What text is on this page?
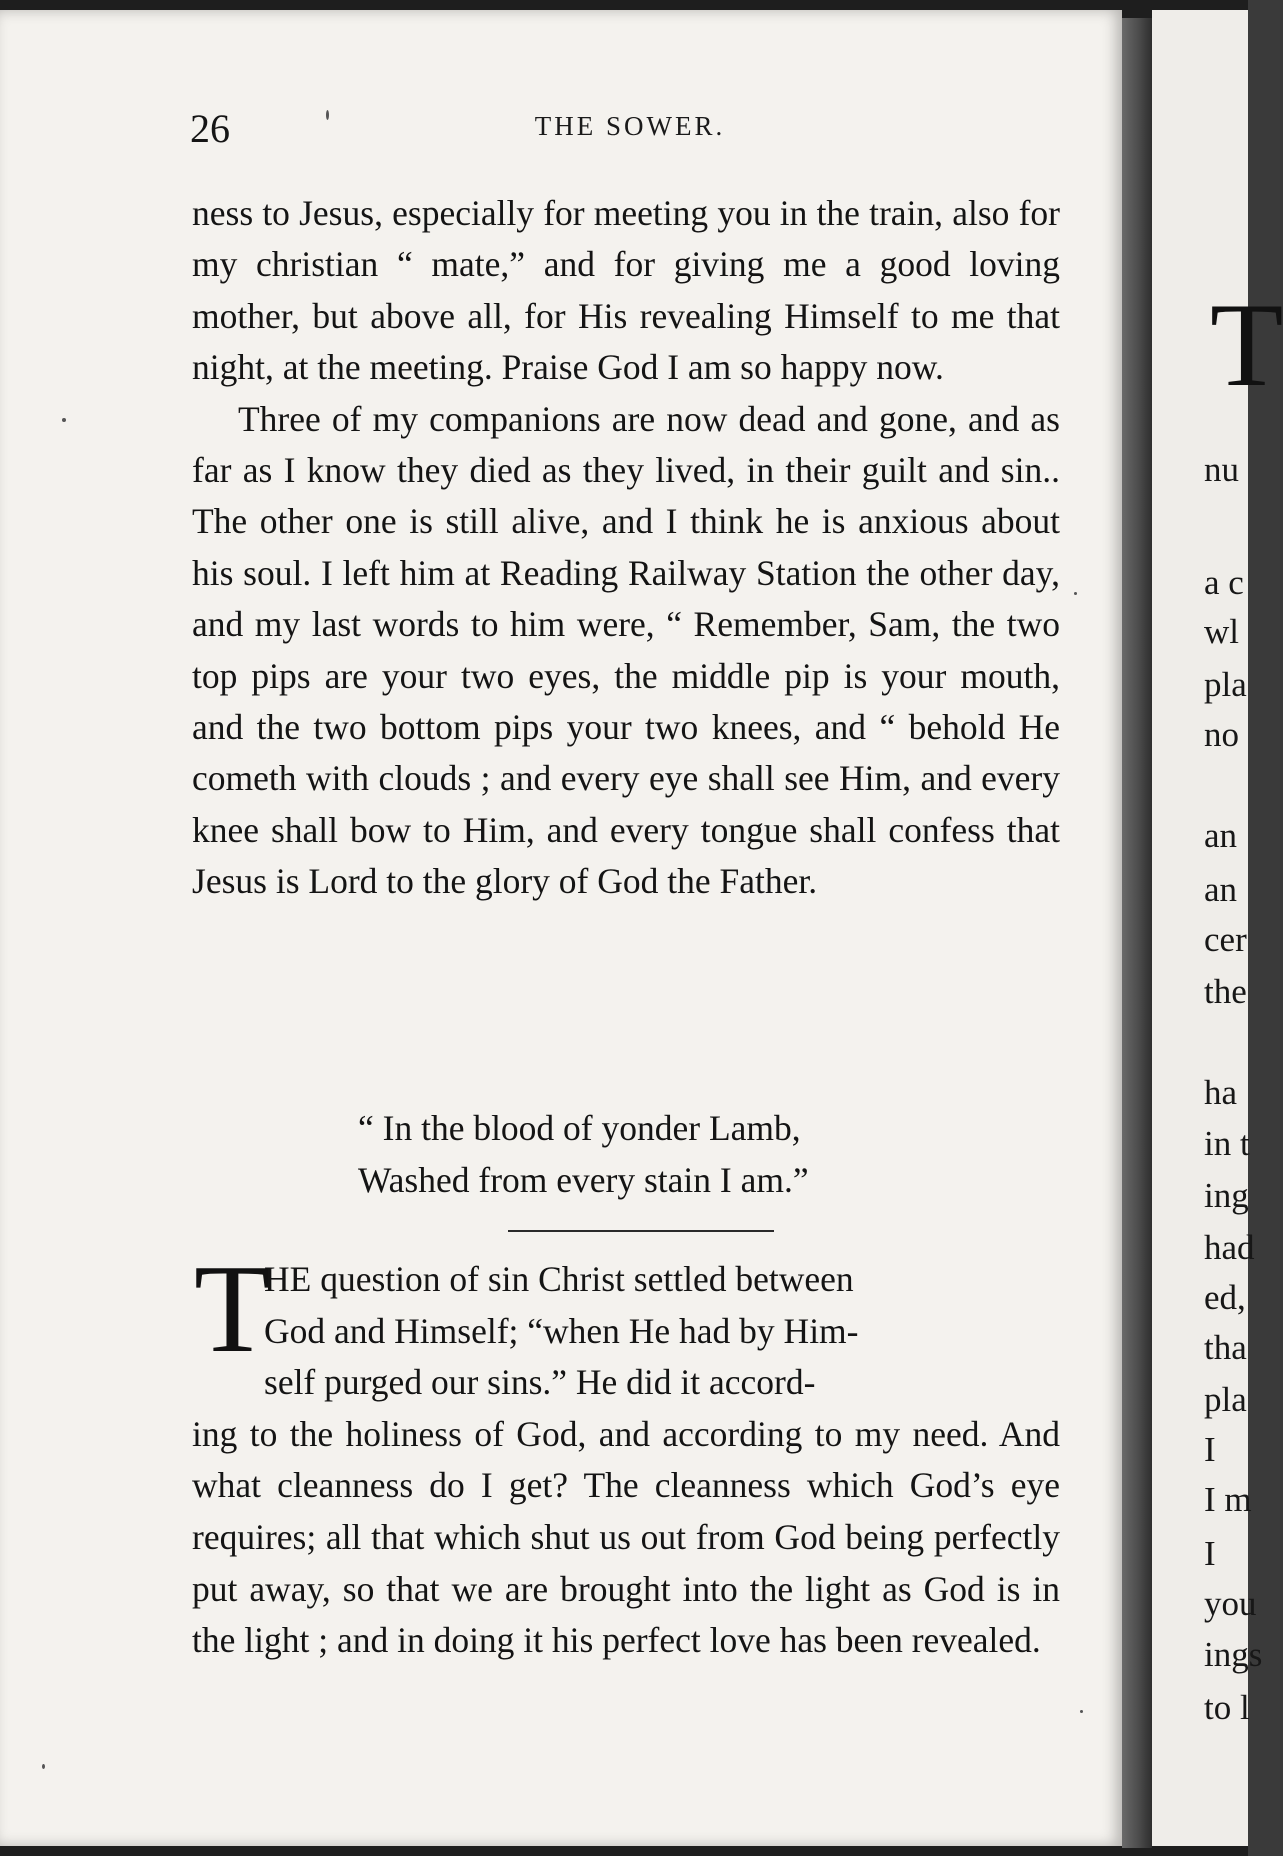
26	THE SOWER.

ness to Jesus, especially for meeting you in the train, also for my christian “ mate,” and for giving me a good loving mother, but above all, for His revealing Himself to me that night, at the meeting. Praise God I am so happy now.

Three of my companions are now dead and gone, and as far as I know they died as they lived, in their guilt and sin.. The other one is still alive, and I think he is anxious about his soul. I left him at Reading Railway Station the other day, and my last words to him were, “ Remember, Sam, the two top pips are your two eyes, the middle pip is your mouth, and the two bottom pips your two knees, and “ behold He cometh with clouds ; and every eye shall see Him, and every knee shall bow to Him, and every tongue shall confess that Jesus is Lord to the glory of God the Father.

“ In the blood of yonder Lamb,
Washed from every stain I am.”
T
HE question of sin Christ settled between
God and Himself; “when He had by Him-
self purged our sins.” He did it accord-

ing to the holiness of God, and according to my need. And what cleanness do I get? The cleanness which God’s eye requires; all that which shut us out from God being perfectly put away, so that we are brought into the light as God is in the light ; and in doing it his perfect love has been revealed.

T
nu
a c
wl
pla
no
an
an
cer
the
ha
in t
ing
had
ed,
tha
pla
I
I m
I
you
ings
to l
